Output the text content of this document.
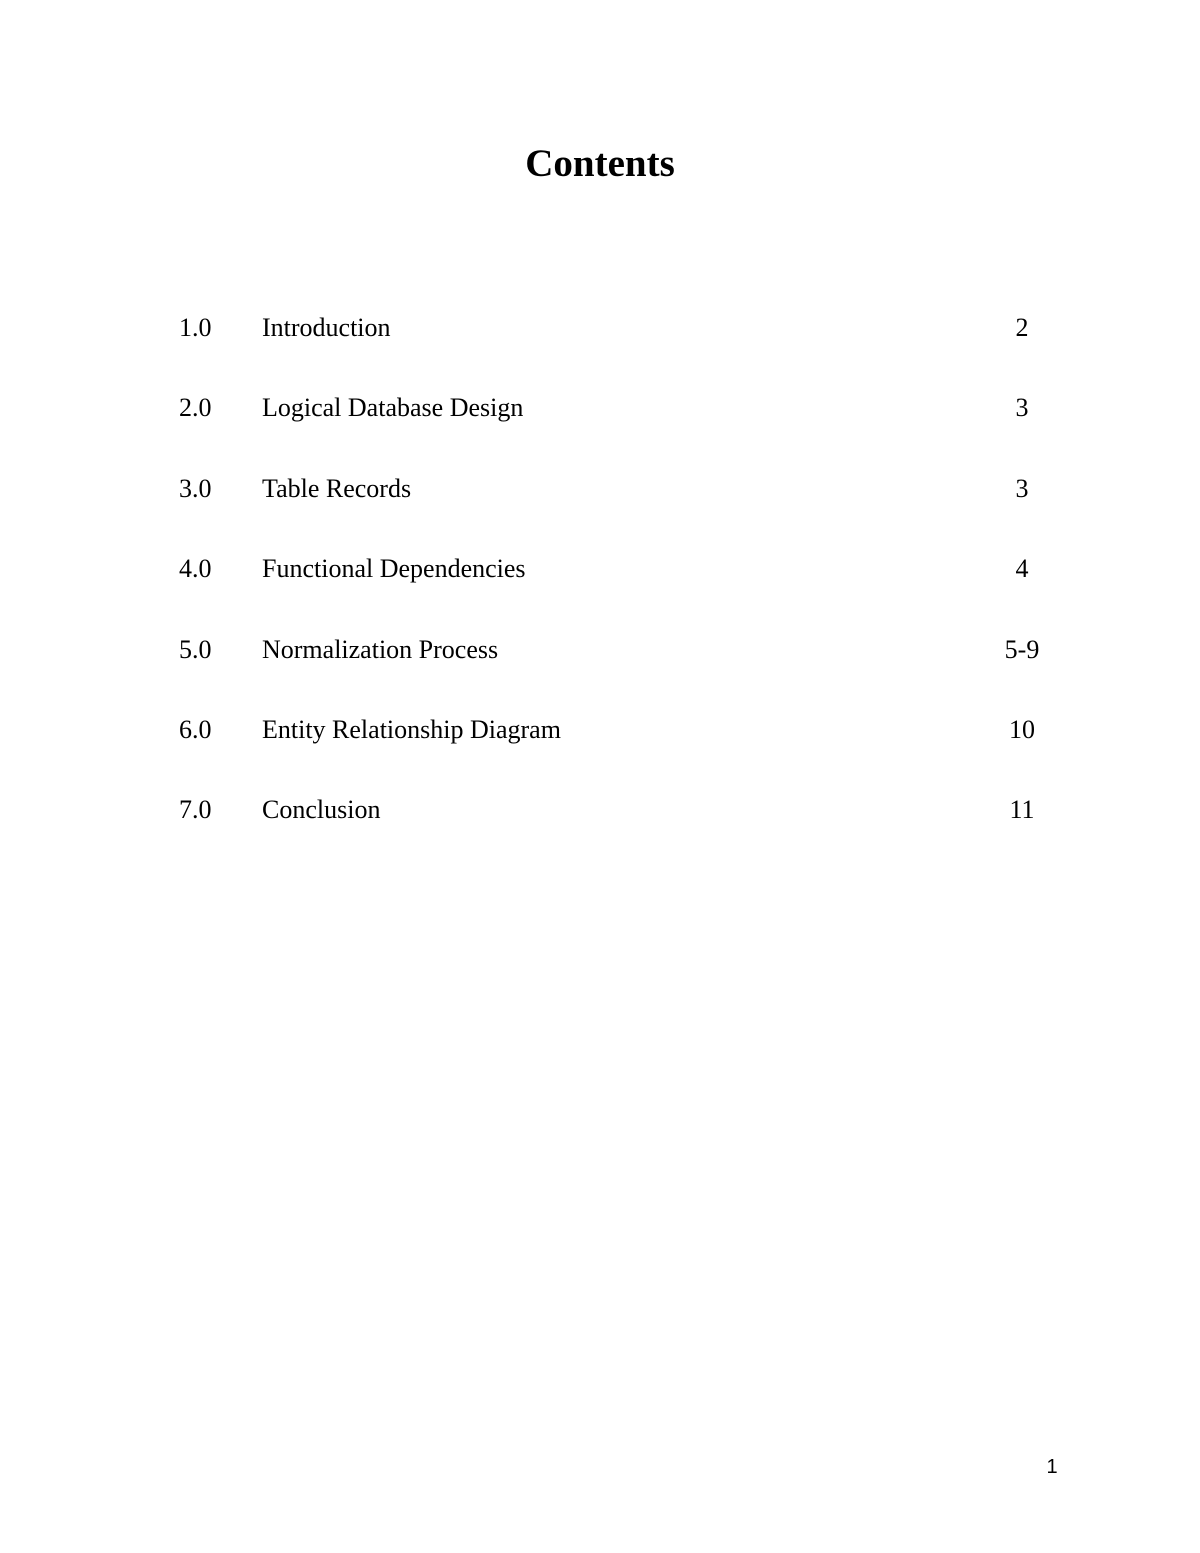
Contents
1.0 Introduction	2
2.0 Logical Database Design	3
3.0 Table Records	3
4.0 Functional Dependencies	4
5.0 Normalization Process	5-9
6.0 Entity Relationship Diagram	10
7.0 Conclusion	11
1
